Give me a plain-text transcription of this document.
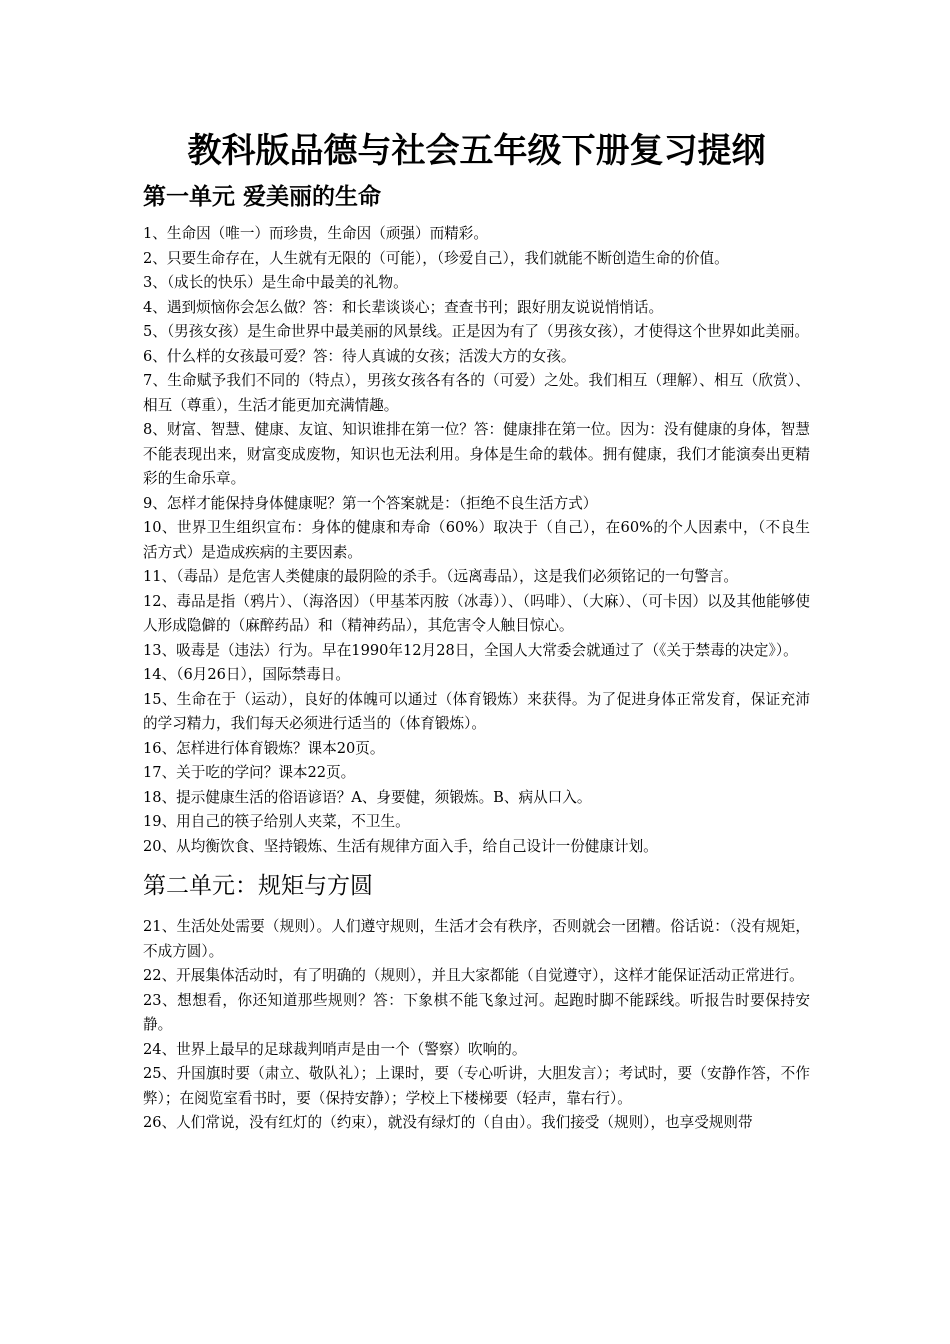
教科版品德与社会五年级下册复习提纲
第一单元 爱美丽的生命

1、生命因（唯一）而珍贵，生命因（顽强）而精彩。

2、只要生命存在，人生就有无限的（可能），（珍爱自己），我们就能不断创造生命的价值。

3、（成长的快乐）是生命中最美的礼物。

4、遇到烦恼你会怎么做？答：和长辈谈谈心；查查书刊；跟好朋友说说悄悄话。

5、（男孩女孩）是生命世界中最美丽的风景线。正是因为有了（男孩女孩），才使得这个世界如此美丽。

6、什么样的女孩最可爱？答：待人真诚的女孩；活泼大方的女孩。

7、生命赋予我们不同的（特点），男孩女孩各有各的（可爱）之处。我们相互（理解）、相互（欣赏）、相互（尊重），生活才能更加充满情趣。

8、财富、智慧、健康、友谊、知识谁排在第一位？答：健康排在第一位。因为：没有健康的身体，智慧不能表现出来，财富变成废物，知识也无法利用。身体是生命的载体。拥有健康，我们才能演奏出更精彩的生命乐章。

9、怎样才能保持身体健康呢？第一个答案就是：（拒绝不良生活方式）

10、世界卫生组织宣布：身体的健康和寿命（60%）取决于（自己），在60%的个人因素中，（不良生活方式）是造成疾病的主要因素。

11、（毒品）是危害人类健康的最阴险的杀手。（远离毒品），这是我们必须铭记的一句警言。

12、毒品是指（鸦片）、（海洛因）（甲基苯丙胺（冰毒））、（吗啡）、（大麻）、（可卡因）以及其他能够使人形成隐僻的（麻醉药品）和（精神药品），其危害令人触目惊心。

13、吸毒是（违法）行为。早在1990年12月28日，全国人大常委会就通过了（《关于禁毒的决定》）。

14、（6月26日），国际禁毒日。

15、生命在于（运动），良好的体魄可以通过（体育锻炼）来获得。为了促进身体正常发育，保证充沛的学习精力，我们每天必须进行适当的（体育锻炼）。

16、怎样进行体育锻炼？课本20页。

17、关于吃的学问？课本22页。

18、提示健康生活的俗语谚语？A、身要健，须锻炼。B、病从口入。

19、用自己的筷子给别人夹菜，不卫生。

20、从均衡饮食、坚持锻炼、生活有规律方面入手，给自己设计一份健康计划。

第二单元：规矩与方圆

21、生活处处需要（规则）。人们遵守规则，生活才会有秩序，否则就会一团糟。俗话说：（没有规矩，不成方圆）。

22、开展集体活动时，有了明确的（规则），并且大家都能（自觉遵守），这样才能保证活动正常进行。

23、想想看，你还知道那些规则？答：下象棋不能飞象过河。起跑时脚不能踩线。听报告时要保持安静。

24、世界上最早的足球裁判哨声是由一个（警察）吹响的。

25、升国旗时要（肃立、敬队礼）；上课时，要（专心听讲，大胆发言）；考试时，要（安静作答，不作弊）；在阅览室看书时，要（保持安静）；学校上下楼梯要（轻声，靠右行）。

26、人们常说，没有红灯的（约束），就没有绿灯的（自由）。我们接受（规则），也享受规则带
